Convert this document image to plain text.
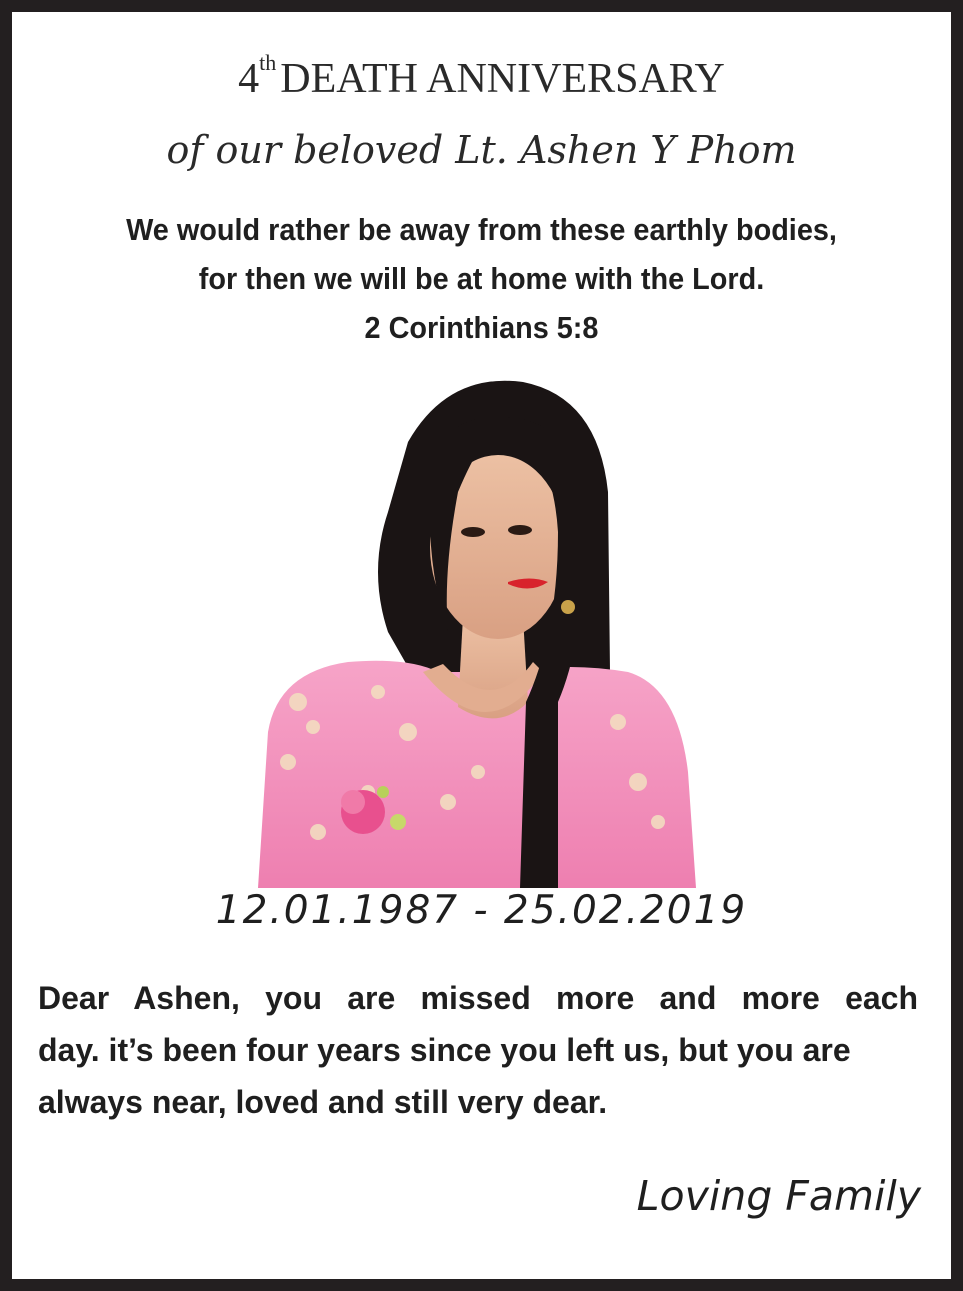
4thDEATH ANNIVERSARY
of our beloved Lt. Ashen Y Phom
We would rather be away from these earthly bodies,
for then we will be at home with the Lord.
2 Corinthians 5:8
12.01.1987 - 25.02.2019
Dear Ashen, you are missed more and more each
day. it’s been four years since you left us, but you are
always near, loved and still very dear.
Loving Family
